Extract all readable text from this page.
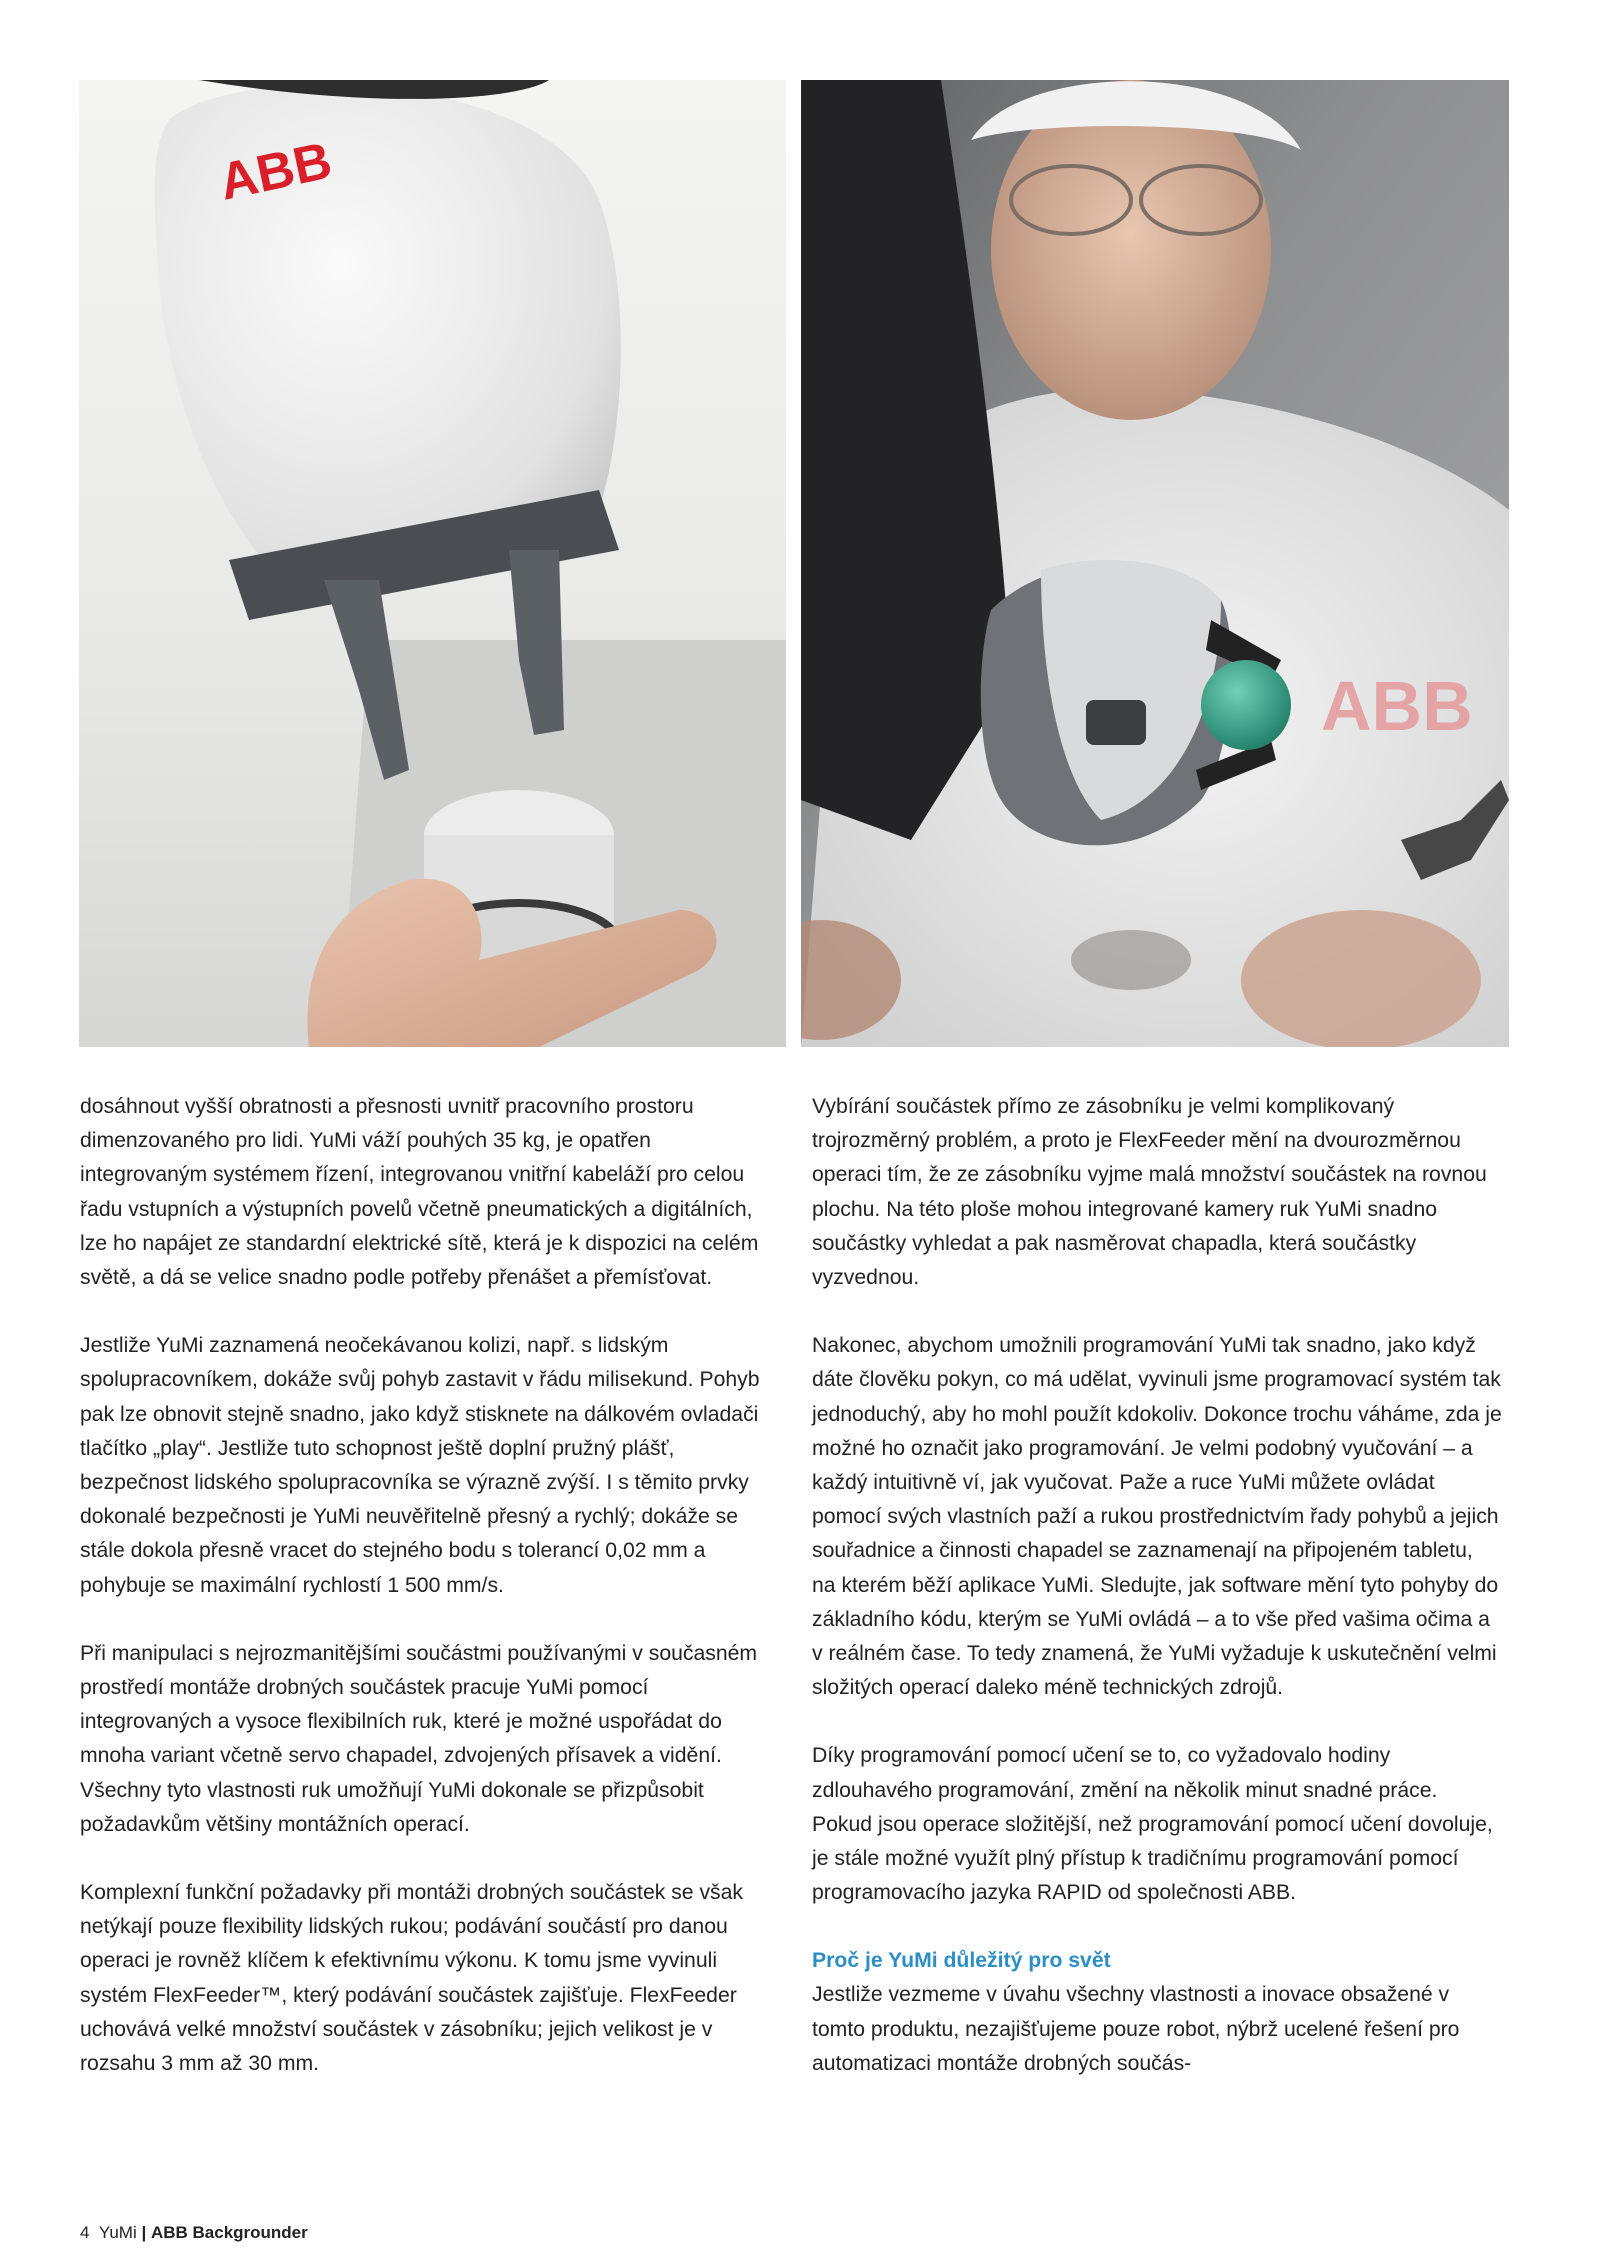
ABB
ABB

dosáhnout vyšší obratnosti a přesnosti uvnitř pracovního prostoru dimenzovaného pro lidi. YuMi váží pouhých 35 kg, je opatřen integrovaným systémem řízení, integrovanou vnitřní kabeláží pro celou řadu vstupních a výstupních povelů včetně pneumatických a digitálních, lze ho napájet ze standardní elektrické sítě, která je k dispozici na celém světě, a dá se velice snadno podle potřeby přenášet a přemísťovat.

Jestliže YuMi zaznamená neočekávanou kolizi, např. s lidským spolupracovníkem, dokáže svůj pohyb zastavit v řádu milisekund. Pohyb pak lze obnovit stejně snadno, jako když stisknete na dálkovém ovladači tlačítko „play“. Jestliže tuto schopnost ještě doplní pružný plášť, bezpečnost lidského spolupracovníka se výrazně zvýší. I s těmito prvky dokonalé bezpečnosti je YuMi neuvěřitelně přesný a rychlý; dokáže se stále dokola přesně vracet do stejného bodu s tolerancí 0,02 mm a pohybuje se maximální rychlostí 1 500 mm/s.

Při manipulaci s nejrozmanitějšími součástmi používanými v současném prostředí montáže drobných součástek pracuje YuMi pomocí integrovaných a vysoce flexibilních ruk, které je možné uspořádat do mnoha variant včetně servo chapadel, zdvojených přísavek a vidění. Všechny tyto vlastnosti ruk umožňují YuMi dokonale se přizpůsobit požadavkům většiny montážních operací.

Komplexní funkční požadavky při montáži drobných součástek se však netýkají pouze flexibility lidských rukou; podávání součástí pro danou operaci je rovněž klíčem k efektivnímu výkonu. K tomu jsme vyvinuli systém FlexFeeder™, který podávání součástek zajišťuje. FlexFeeder uchovává velké množství součástek v zásobníku; jejich velikost je v rozsahu 3 mm až 30 mm.

Vybírání součástek přímo ze zásobníku je velmi komplikovaný trojrozměrný problém, a proto je FlexFeeder mění na dvourozměrnou operaci tím, že ze zásobníku vyjme malá množství součástek na rovnou plochu. Na této ploše mohou integrované kamery ruk YuMi snadno součástky vyhledat a pak nasměrovat chapadla, která součástky vyzvednou.

Nakonec, abychom umožnili programování YuMi tak snadno, jako když dáte člověku pokyn, co má udělat, vyvinuli jsme programovací systém tak jednoduchý, aby ho mohl použít kdokoliv. Dokonce trochu váháme, zda je možné ho označit jako programování. Je velmi podobný vyučování – a každý intuitivně ví, jak vyučovat. Paže a ruce YuMi můžete ovládat pomocí svých vlastních paží a rukou prostřednictvím řady pohybů a jejich souřadnice a činnosti chapadel se zaznamenají na připojeném tabletu, na kterém běží aplikace YuMi. Sledujte, jak software mění tyto pohyby do základního kódu, kterým se YuMi ovládá – a to vše před vašima očima a v reálném čase. To tedy znamená, že YuMi vyžaduje k uskutečnění velmi složitých operací daleko méně technických zdrojů.

Díky programování pomocí učení se to, co vyžadovalo hodiny zdlouhavého programování, změní na několik minut snadné práce. Pokud jsou operace složitější, než programování pomocí učení dovoluje, je stále možné využít plný přístup k tradičnímu programování pomocí programovacího jazyka RAPID od společnosti ABB.

Proč je YuMi důležitý pro svět

Jestliže vezmeme v úvahu všechny vlastnosti a inovace obsažené v tomto produktu, nezajišťujeme pouze robot, nýbrž ucelené řešení pro automatizaci montáže drobných součás-

4 YuMi | ABB Backgrounder
